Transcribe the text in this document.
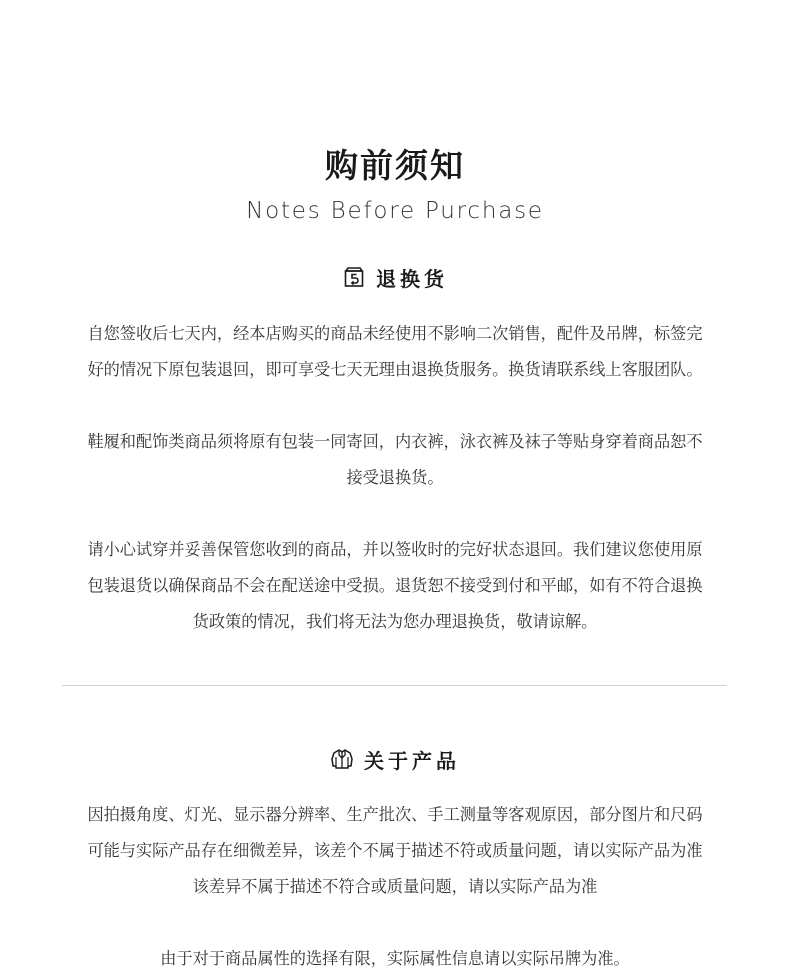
购前须知
Notes Before Purchase
退换货
自您签收后七天内，经本店购买的商品未经使用不影响二次销售，配件及吊牌，标签完
好的情况下原包装退回，即可享受七天无理由退换货服务。换货请联系线上客服团队。
鞋履和配饰类商品须将原有包装一同寄回，内衣裤，泳衣裤及袜子等贴身穿着商品恕不
接受退换货。
请小心试穿并妥善保管您收到的商品，并以签收时的完好状态退回。我们建议您使用原
包装退货以确保商品不会在配送途中受损。退货恕不接受到付和平邮，如有不符合退换
货政策的情况，我们将无法为您办理退换货，敬请谅解。
关于产品
因拍摄角度、灯光、显示器分辨率、生产批次、手工测量等客观原因，部分图片和尺码
可能与实际产品存在细微差异，该差个不属于描述不符或质量问题，请以实际产品为准
该差异不属于描述不符合或质量问题，请以实际产品为准
由于对于商品属性的选择有限，实际属性信息请以实际吊牌为准。
